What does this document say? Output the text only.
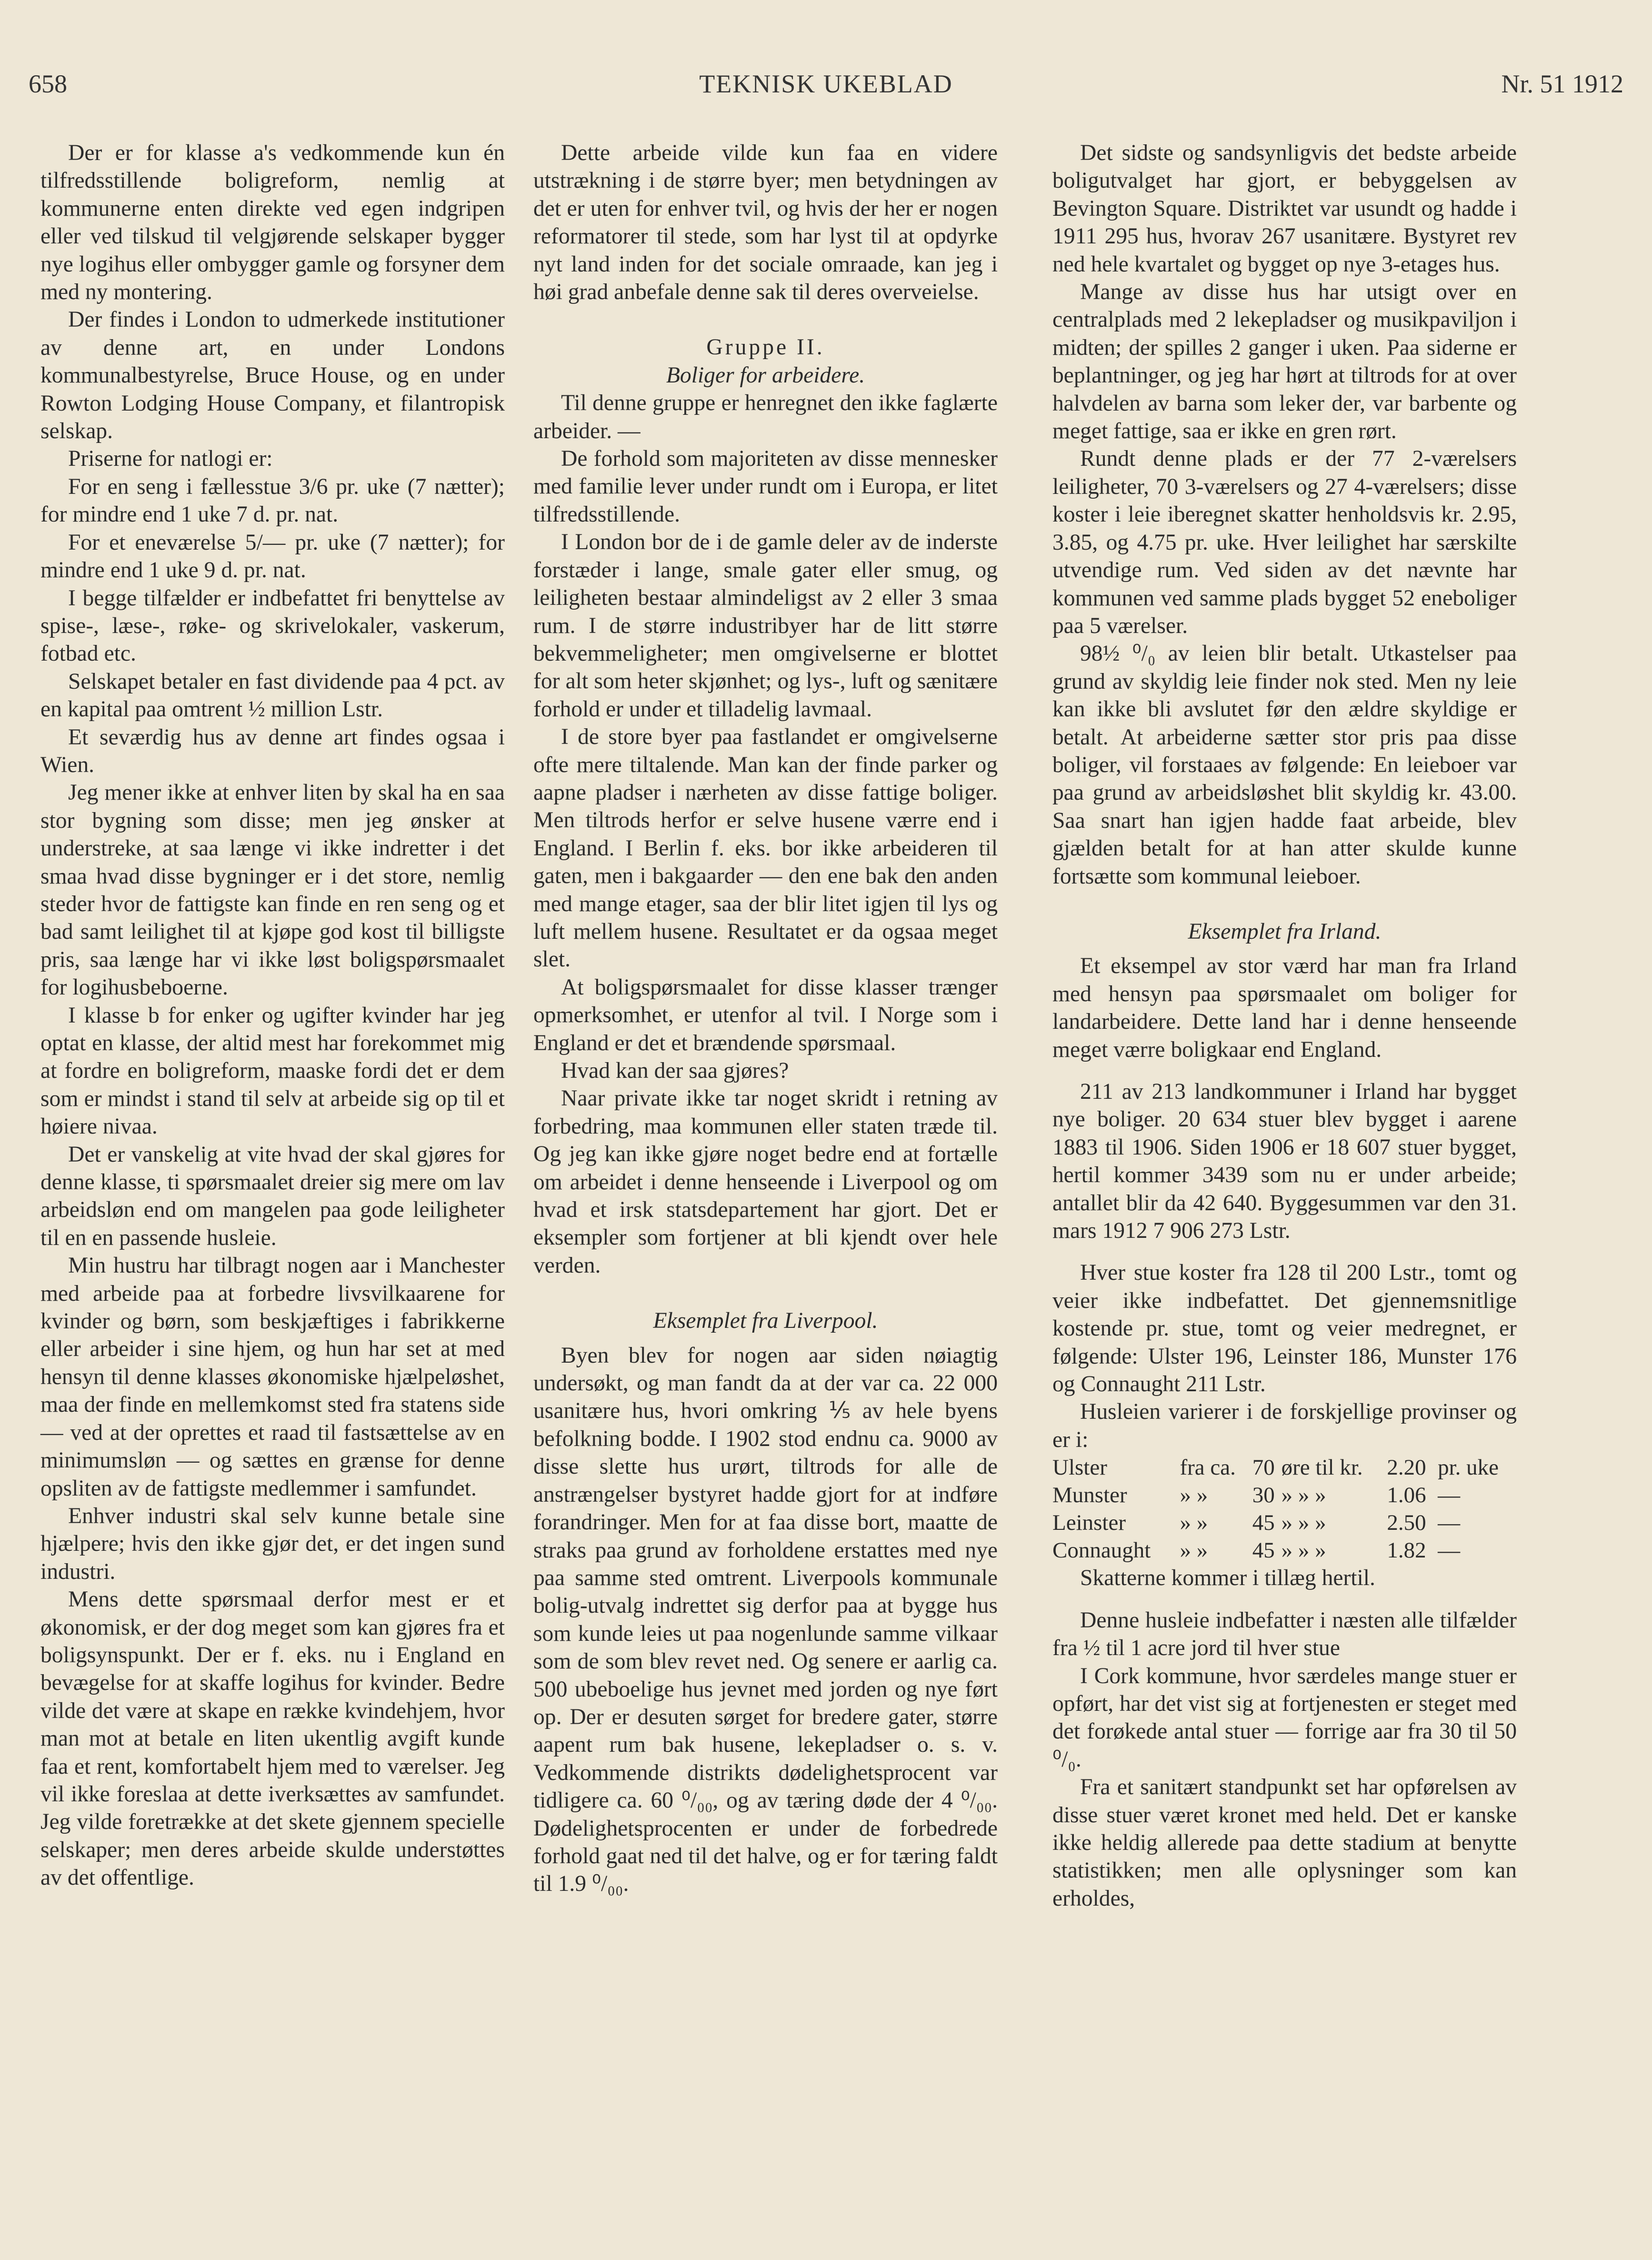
658	TEKNISK UKEBLAD	Nr. 51 1912

Der er for klasse a's vedkommende kun én tilfredsstillende boligreform, nemlig at kommunerne enten direkte ved egen indgripen eller ved tilskud til velgjørende selskaper bygger nye logihus eller ombygger gamle og forsyner dem med ny montering.

Der findes i London to udmerkede institutioner av denne art, en under Londons kommunalbestyrelse, Bruce House, og en under Rowton Lodging House Company, et filantropisk selskap.

Priserne for natlogi er:

For en seng i fællesstue 3/6 pr. uke (7 nætter); for mindre end 1 uke 7 d. pr. nat.

For et eneværelse 5/— pr. uke (7 nætter); for mindre end 1 uke 9 d. pr. nat.

I begge tilfælder er indbefattet fri benyttelse av spise-, læse-, røke- og skrivelokaler, vaskerum, fotbad etc.

Selskapet betaler en fast dividende paa 4 pct. av en kapital paa omtrent ½ million Lstr.

Et seværdig hus av denne art findes ogsaa i Wien.

Jeg mener ikke at enhver liten by skal ha en saa stor bygning som disse; men jeg ønsker at understreke, at saa længe vi ikke indretter i det smaa hvad disse bygninger er i det store, nemlig steder hvor de fattigste kan finde en ren seng og et bad samt leilighet til at kjøpe god kost til billigste pris, saa længe har vi ikke løst boligspørsmaalet for logihusbeboerne.

I klasse b for enker og ugifter kvinder har jeg optat en klasse, der altid mest har forekommet mig at fordre en boligreform, maaske fordi det er dem som er mindst i stand til selv at arbeide sig op til et høiere nivaa.

Det er vanskelig at vite hvad der skal gjøres for denne klasse, ti spørsmaalet dreier sig mere om lav arbeidsløn end om mangelen paa gode leiligheter til en en passende husleie.

Min hustru har tilbragt nogen aar i Manchester med arbeide paa at forbedre livsvilkaarene for kvinder og børn, som beskjæftiges i fabrikkerne eller arbeider i sine hjem, og hun har set at med hensyn til denne klasses økonomiske hjælpeløshet, maa der finde en mellemkomst sted fra statens side — ved at der oprettes et raad til fastsættelse av en minimumsløn — og sættes en grænse for denne opsliten av de fattigste medlemmer i samfundet.

Enhver industri skal selv kunne betale sine hjælpere; hvis den ikke gjør det, er det ingen sund industri.

Mens dette spørsmaal derfor mest er et økonomisk, er der dog meget som kan gjøres fra et boligsynspunkt. Der er f. eks. nu i England en bevægelse for at skaffe logihus for kvinder. Bedre vilde det være at skape en række kvindehjem, hvor man mot at betale en liten ukentlig avgift kunde faa et rent, komfortabelt hjem med to værelser. Jeg vil ikke foreslaa at dette iverksættes av samfundet. Jeg vilde foretrække at det skete gjennem specielle selskaper; men deres arbeide skulde understøttes av det offentlige.

Dette arbeide vilde kun faa en videre utstrækning i de større byer; men betydningen av det er uten for enhver tvil, og hvis der her er nogen reformatorer til stede, som har lyst til at opdyrke nyt land inden for det sociale omraade, kan jeg i høi grad anbefale denne sak til deres overveielse.

Gruppe II.

Boliger for arbeidere.

Til denne gruppe er henregnet den ikke faglærte arbeider. —

De forhold som majoriteten av disse mennesker med familie lever under rundt om i Europa, er litet tilfredsstillende.

I London bor de i de gamle deler av de inderste forstæder i lange, smale gater eller smug, og leiligheten bestaar almindeligst av 2 eller 3 smaa rum. I de større industribyer har de litt større bekvemmeligheter; men omgivelserne er blottet for alt som heter skjønhet; og lys-, luft og sænitære forhold er under et tilladelig lavmaal.

I de store byer paa fastlandet er omgivelserne ofte mere tiltalende. Man kan der finde parker og aapne pladser i nærheten av disse fattige boliger. Men tiltrods herfor er selve husene værre end i England. I Berlin f. eks. bor ikke arbeideren til gaten, men i bakgaarder — den ene bak den anden med mange etager, saa der blir litet igjen til lys og luft mellem husene. Resultatet er da ogsaa meget slet.

At boligspørsmaalet for disse klasser trænger opmerksomhet, er utenfor al tvil. I Norge som i England er det et brændende spørsmaal.

Hvad kan der saa gjøres?

Naar private ikke tar noget skridt i retning av forbedring, maa kommunen eller staten træde til. Og jeg kan ikke gjøre noget bedre end at fortælle om arbeidet i denne henseende i Liverpool og om hvad et irsk statsdepartement har gjort. Det er eksempler som fortjener at bli kjendt over hele verden.

Eksemplet fra Liverpool.

Byen blev for nogen aar siden nøiagtig undersøkt, og man fandt da at der var ca. 22 000 usanitære hus, hvori omkring ⅕ av hele byens befolkning bodde. I 1902 stod endnu ca. 9000 av disse slette hus urørt, tiltrods for alle de anstrængelser bystyret hadde gjort for at indføre forandringer. Men for at faa disse bort, maatte de straks paa grund av forholdene erstattes med nye paa samme sted omtrent. Liverpools kommunale bolig-utvalg indrettet sig derfor paa at bygge hus som kunde leies ut paa nogenlunde samme vilkaar som de som blev revet ned. Og senere er aarlig ca. 500 ubeboelige hus jevnet med jorden og nye ført op. Der er desuten sørget for bredere gater, større aapent rum bak husene, lekepladser o. s. v. Vedkommende distrikts dødelighetsprocent var tidligere ca. 60 ⁰/₀₀, og av tæring døde der 4 ⁰/₀₀. Dødelighetsprocenten er under de forbedrede forhold gaat ned til det halve, og er for tæring faldt til 1.9 ⁰/₀₀.

Det sidste og sandsynligvis det bedste arbeide boligutvalget har gjort, er bebyggelsen av Bevington Square. Distriktet var usundt og hadde i 1911 295 hus, hvorav 267 usanitære. Bystyret rev ned hele kvartalet og bygget op nye 3-etages hus.

Mange av disse hus har utsigt over en centralplads med 2 lekepladser og musikpaviljon i midten; der spilles 2 ganger i uken. Paa siderne er beplantninger, og jeg har hørt at tiltrods for at over halvdelen av barna som leker der, var barbente og meget fattige, saa er ikke en gren rørt.

Rundt denne plads er der 77 2-værelsers leiligheter, 70 3-værelsers og 27 4-værelsers; disse koster i leie iberegnet skatter henholdsvis kr. 2.95, 3.85, og 4.75 pr. uke. Hver leilighet har særskilte utvendige rum. Ved siden av det nævnte har kommunen ved samme plads bygget 52 eneboliger paa 5 værelser.

98½ ⁰/₀ av leien blir betalt. Utkastelser paa grund av skyldig leie finder nok sted. Men ny leie kan ikke bli avslutet før den ældre skyldige er betalt. At arbeiderne sætter stor pris paa disse boliger, vil forstaaes av følgende: En leieboer var paa grund av arbeidsløshet blit skyldig kr. 43.00. Saa snart han igjen hadde faat arbeide, blev gjælden betalt for at han atter skulde kunne fortsætte som kommunal leieboer.

Eksemplet fra Irland.

Et eksempel av stor værd har man fra Irland med hensyn paa spørsmaalet om boliger for landarbeidere. Dette land har i denne henseende meget værre boligkaar end England.

211 av 213 landkommuner i Irland har bygget nye boliger. 20 634 stuer blev bygget i aarene 1883 til 1906. Siden 1906 er 18 607 stuer bygget, hertil kommer 3439 som nu er under arbeide; antallet blir da 42 640. Byggesummen var den 31. mars 1912 7 906 273 Lstr.

Hver stue koster fra 128 til 200 Lstr., tomt og veier ikke indbefattet. Det gjennemsnitlige kostende pr. stue, tomt og veier medregnet, er følgende: Ulster 196, Leinster 186, Munster 176 og Connaught 211 Lstr.

Husleien varierer i de forskjellige provinser og er i:

Ulster	fra ca.	70	øre til kr.	2.20	pr. uke
Munster	» »	30	» » »	1.06	—
Leinster	» »	45	» » »	2.50	—
Connaught	» »	45	» » »	1.82	—

Skatterne kommer i tillæg hertil.

Denne husleie indbefatter i næsten alle tilfælder fra ½ til 1 acre jord til hver stue

I Cork kommune, hvor særdeles mange stuer er opført, har det vist sig at fortjenesten er steget med det forøkede antal stuer — forrige aar fra 30 til 50 ⁰/₀.

Fra et sanitært standpunkt set har opførelsen av disse stuer været kronet med held. Det er kanske ikke heldig allerede paa dette stadium at benytte statistikken; men alle oplysninger som kan erholdes,
